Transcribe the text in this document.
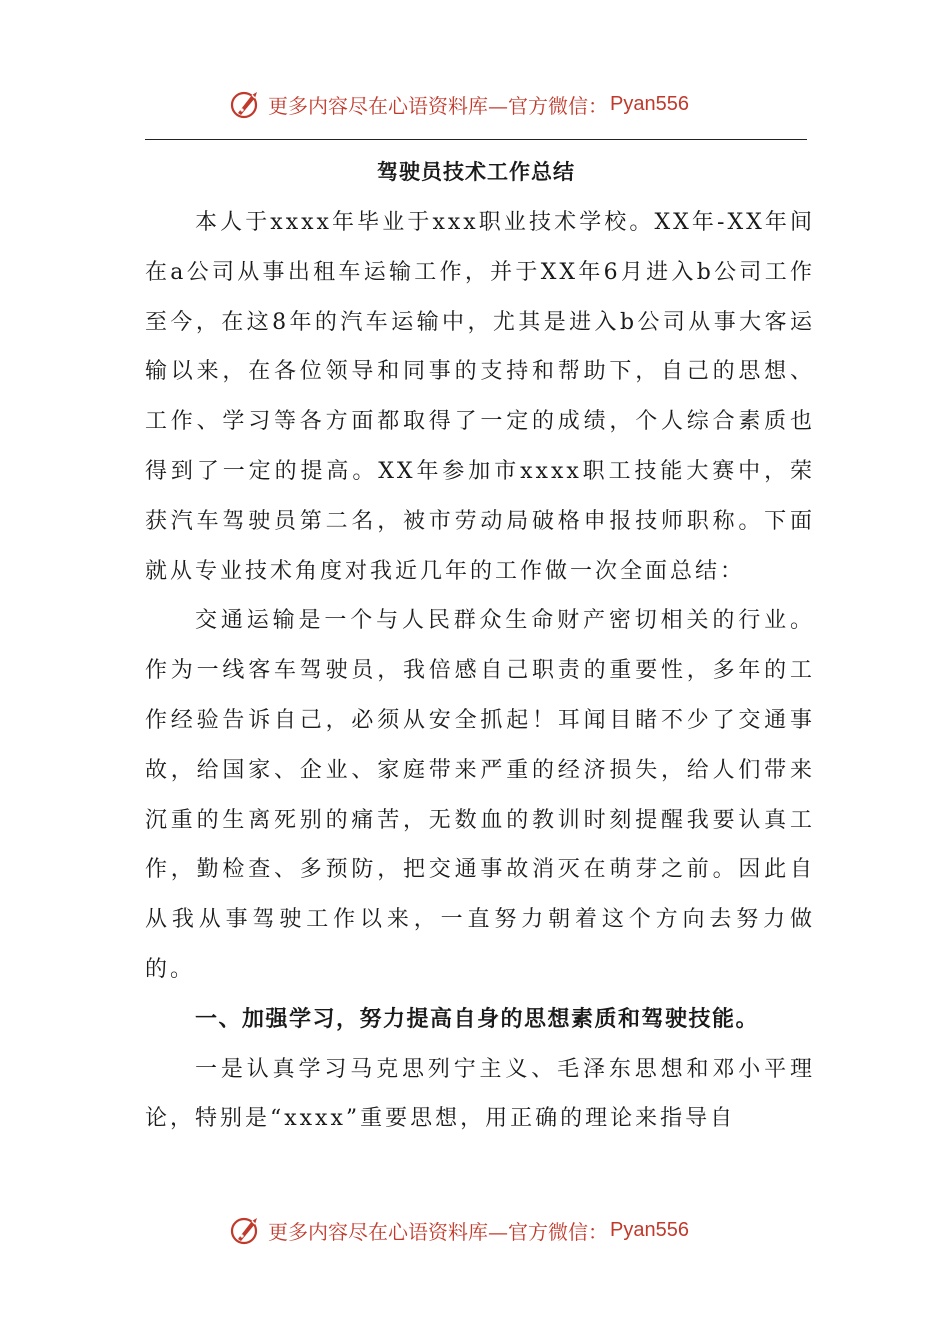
更多内容尽在心语资料库—官方微信： Pyan556
驾驶员技术工作总结

本人于xxxx年毕业于xxx职业技术学校。XX年-XX年间在a公司从事出租车运输工作，并于XX年6月进入b公司工作至今，在这8年的汽车运输中，尤其是进入b公司从事大客运输以来，在各位领导和同事的支持和帮助下，自己的思想、工作、学习等各方面都取得了一定的成绩，个人综合素质也得到了一定的提高。XX年参加市xxxx职工技能大赛中，荣获汽车驾驶员第二名，被市劳动局破格申报技师职称。下面就从专业技术角度对我近几年的工作做一次全面总结：

交通运输是一个与人民群众生命财产密切相关的行业。作为一线客车驾驶员，我倍感自己职责的重要性，多年的工作经验告诉自己，必须从安全抓起！耳闻目睹不少了交通事故，给国家、企业、家庭带来严重的经济损失，给人们带来沉重的生离死别的痛苦，无数血的教训时刻提醒我要认真工作，勤检查、多预防，把交通事故消灭在萌芽之前。因此自从我从事驾驶工作以来，一直努力朝着这个方向去努力做的。

一、加强学习，努力提高自身的思想素质和驾驶技能。

一是认真学习马克思列宁主义、毛泽东思想和邓小平理论，特别是“xxxx”重要思想，用正确的理论来指导自

更多内容尽在心语资料库—官方微信： Pyan556
